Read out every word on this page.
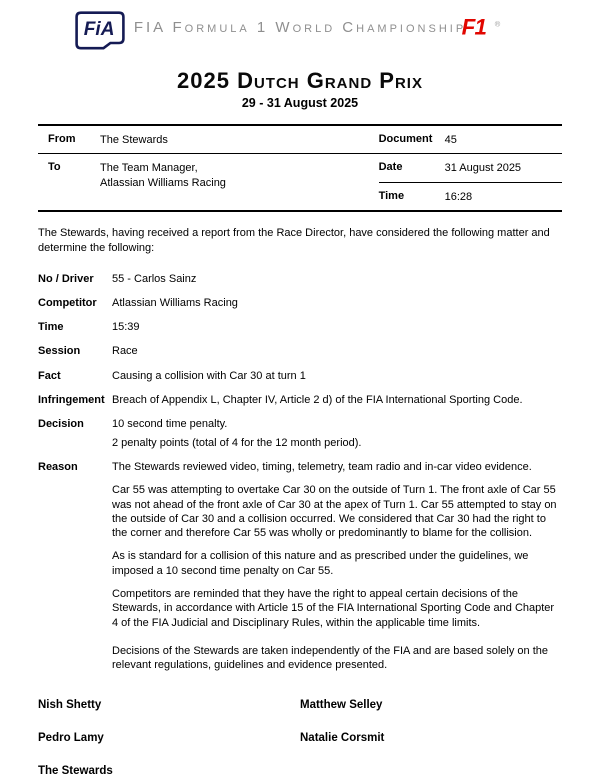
FiA	FIA Formula 1 World Championship
F1 ®
2025 Dutch Grand Prix
29 - 31 August 2025
From	The Stewards
To	The Team Manager,
Atlassian Williams Racing
Document	45
Date	31 August 2025
Time	16:28
The Stewards, having received a report from the Race Director, have considered the following matter and determine the following:
No / Driver	55 - Carlos Sainz
Competitor	Atlassian Williams Racing
Time	15:39
Session	Race
Fact	Causing a collision with Car 30 at turn 1
Infringement Breach of Appendix L, Chapter IV, Article 2 d) of the FIA International Sporting Code.
Decision	10 second time penalty.
2 penalty points (total of 4 for the 12 month period).
Reason	The Stewards reviewed video, timing, telemetry, team radio and in-car video evidence.

Car 55 was attempting to overtake Car 30 on the outside of Turn 1. The front axle of Car 55 was not ahead of the front axle of Car 30 at the apex of Turn 1. Car 55 attempted to stay on the outside of Car 30 and a collision occurred. We considered that Car 30 had the right to the corner and therefore Car 55 was wholly or predominantly to blame for the collision.

As is standard for a collision of this nature and as prescribed under the guidelines, we imposed a 10 second time penalty on Car 55.

Competitors are reminded that they have the right to appeal certain decisions of the Stewards, in accordance with Article 15 of the FIA International Sporting Code and Chapter 4 of the FIA Judicial and Disciplinary Rules, within the applicable time limits.

Decisions of the Stewards are taken independently of the FIA and are based solely on the relevant regulations, guidelines and evidence presented.

Nish Shetty	Matthew Selley
Pedro Lamy	Natalie Corsmit
The Stewards
